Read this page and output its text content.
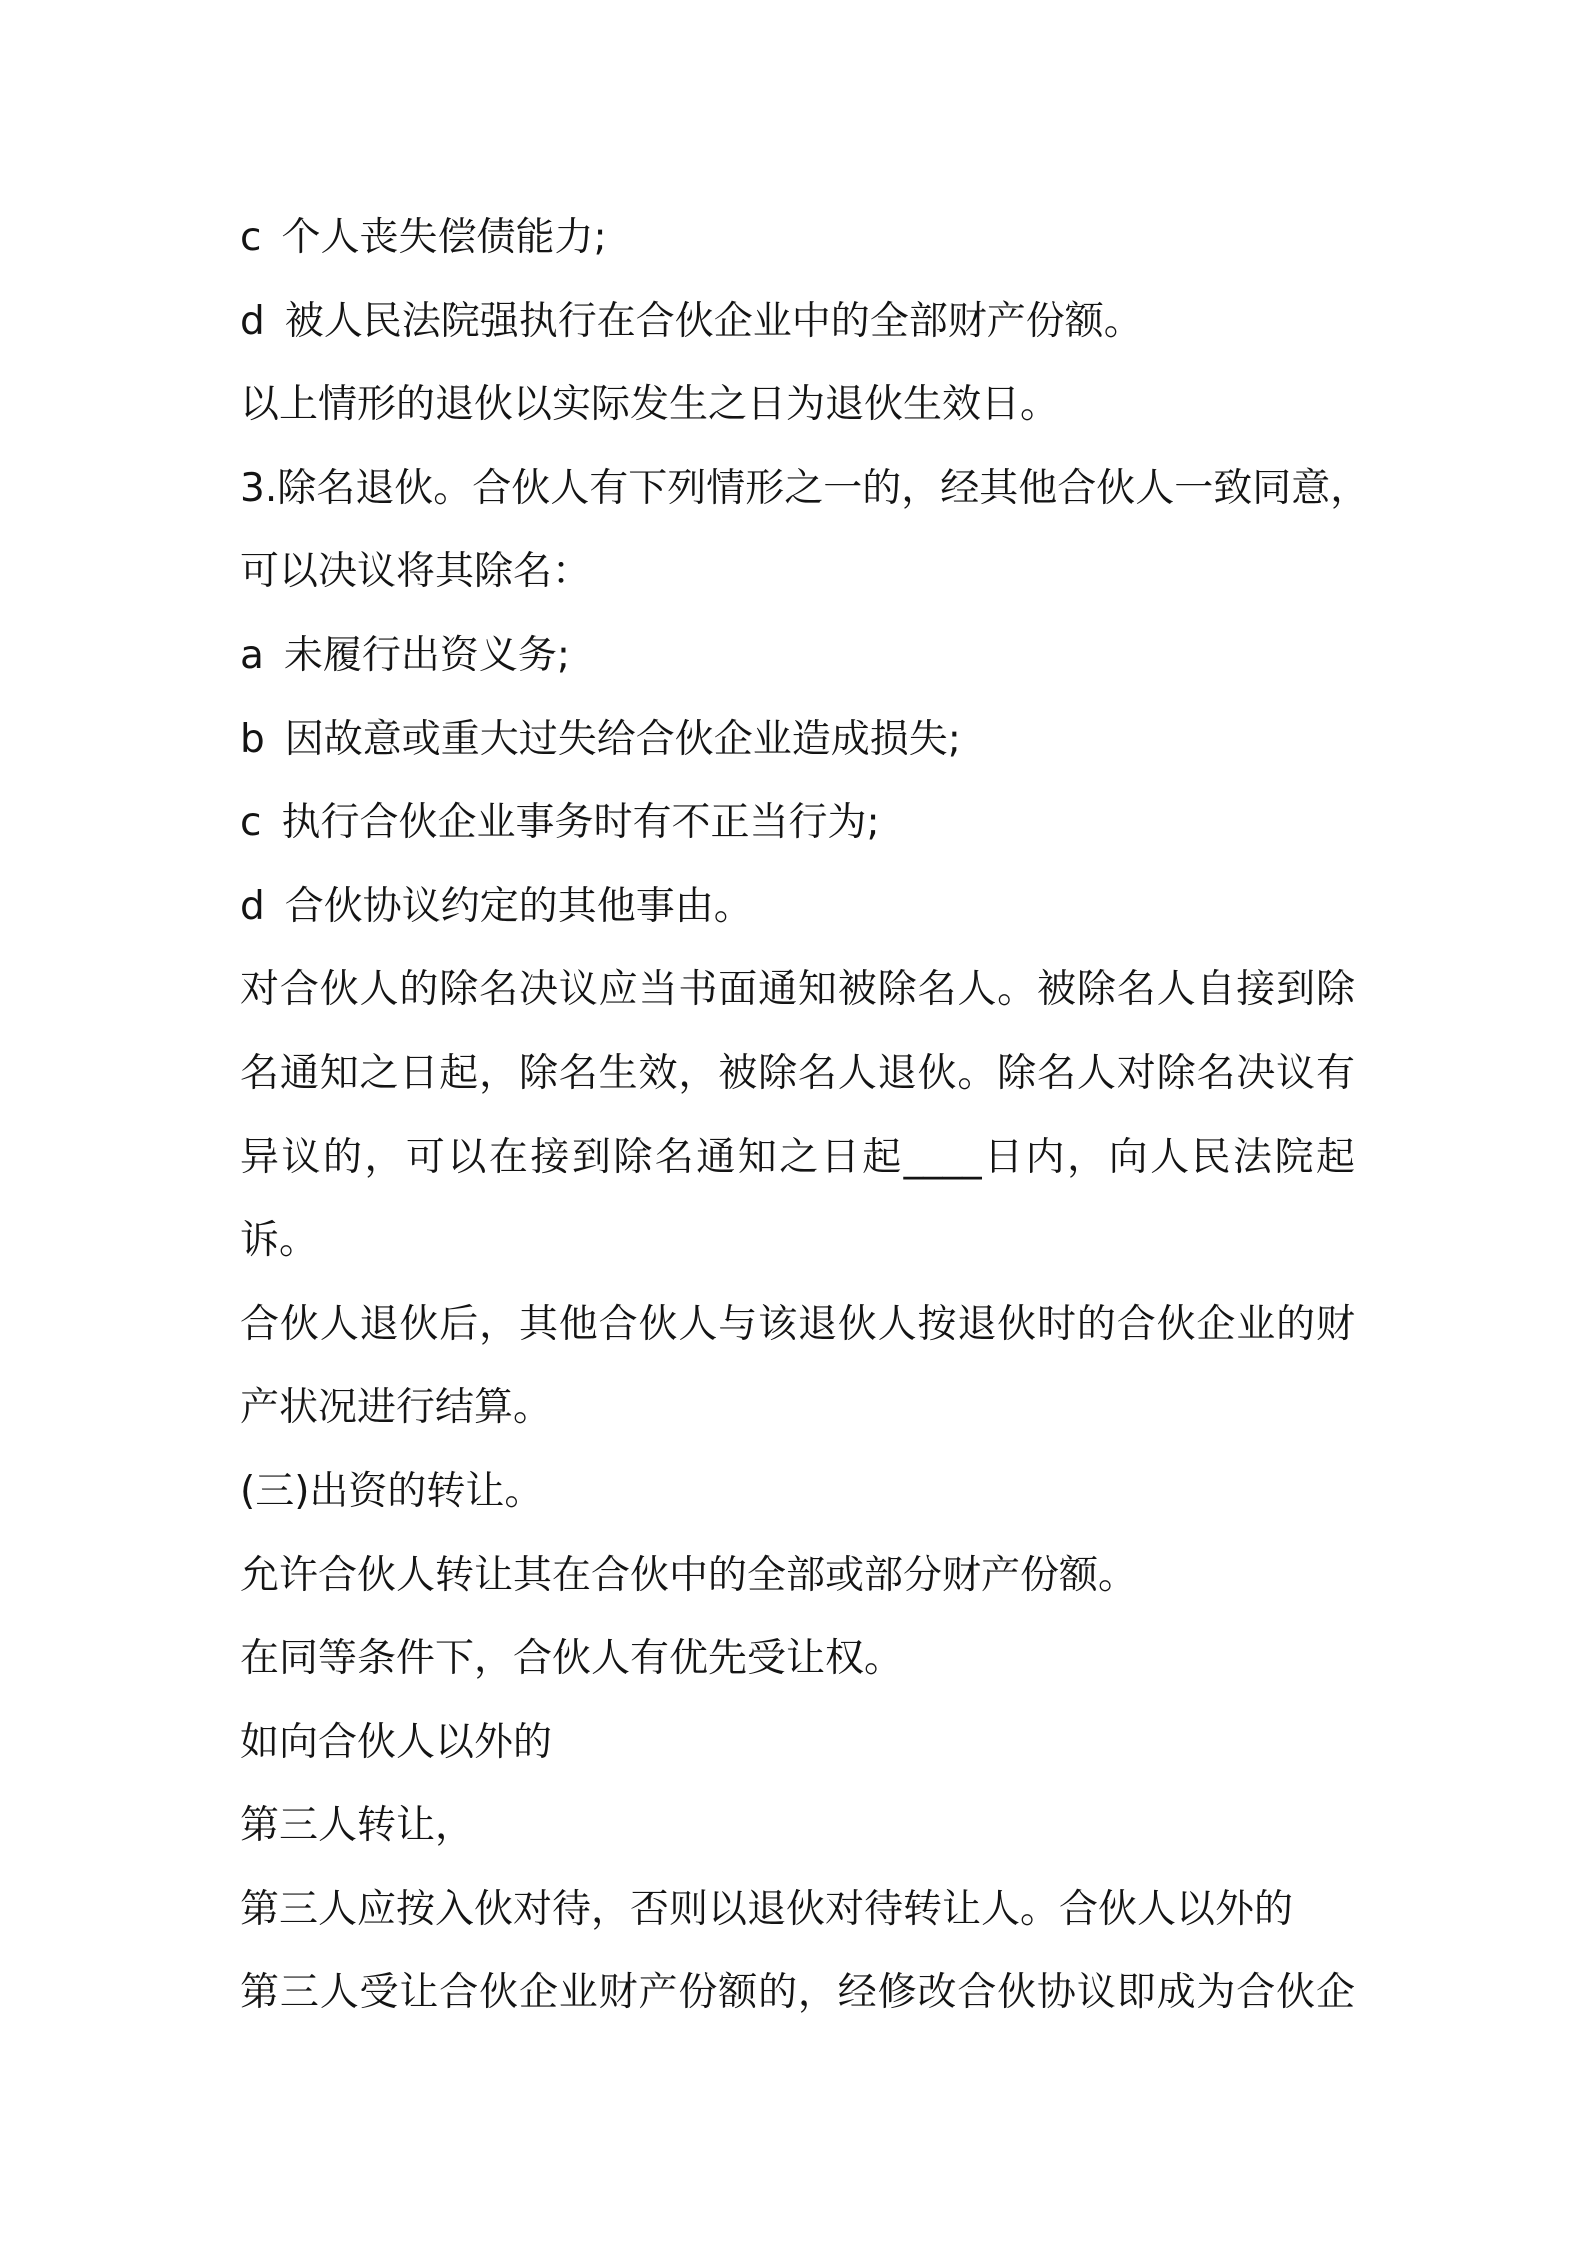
c 个人丧失偿债能力;
d 被人民法院强执行在合伙企业中的全部财产份额。
以上情形的退伙以实际发生之日为退伙生效日。
3.除名退伙。合伙人有下列情形之一的，经其他合伙人一致同意，
可以决议将其除名：
a 未履行出资义务;
b 因故意或重大过失给合伙企业造成损失;
c 执行合伙企业事务时有不正当行为;
d 合伙协议约定的其他事由。
对合伙人的除名决议应当书面通知被除名人。被除名人自接到除
名通知之日起，除名生效，被除名人退伙。除名人对除名决议有
异议的，可以在接到除名通知之日起____日内，向人民法院起
诉。
合伙人退伙后，其他合伙人与该退伙人按退伙时的合伙企业的财
产状况进行结算。
(三)出资的转让。
允许合伙人转让其在合伙中的全部或部分财产份额。
在同等条件下，合伙人有优先受让权。
如向合伙人以外的
第三人转让，
第三人应按入伙对待，否则以退伙对待转让人。合伙人以外的
第三人受让合伙企业财产份额的，经修改合伙协议即成为合伙企
